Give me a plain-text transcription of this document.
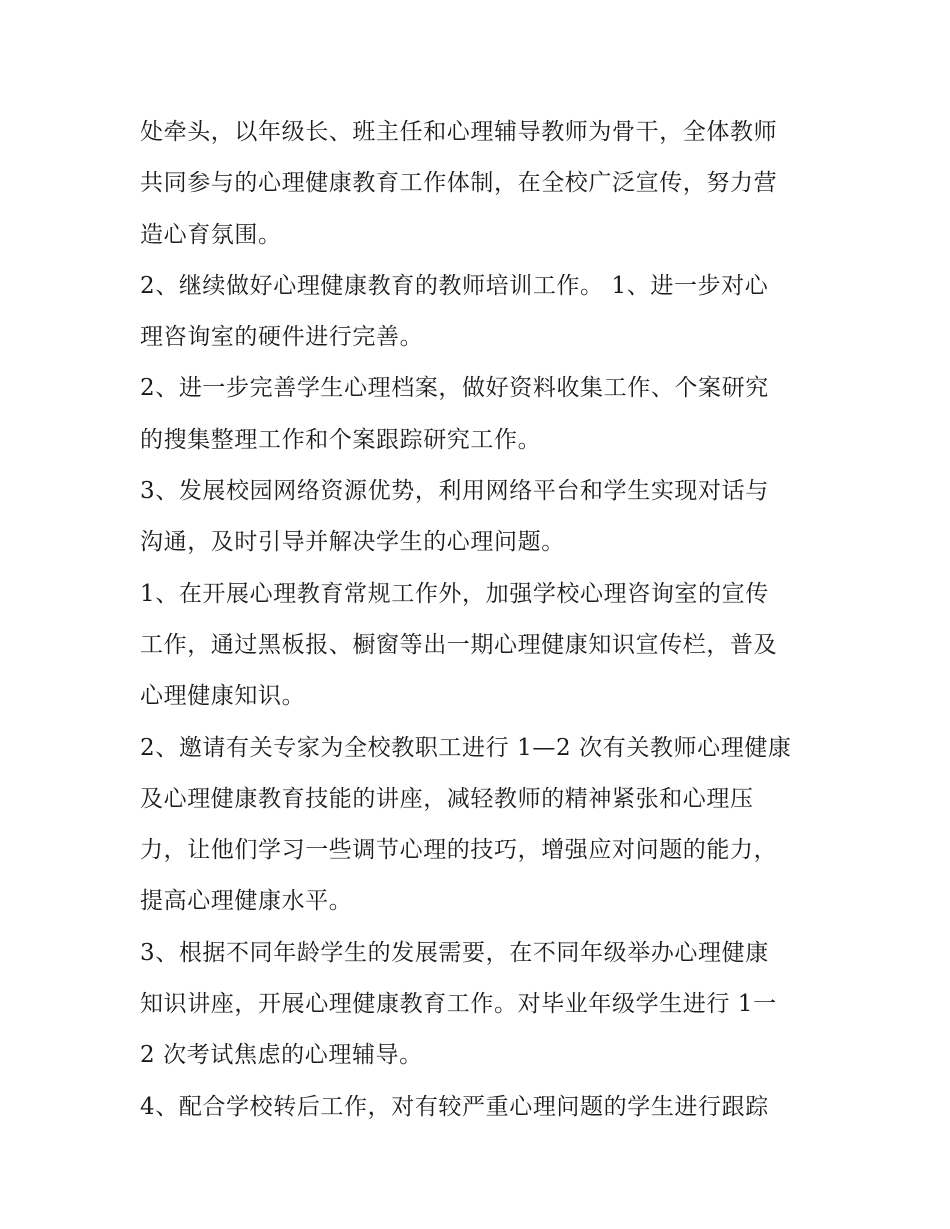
处牵头，以年级长、班主任和心理辅导教师为骨干，全体教师
共同参与的心理健康教育工作体制，在全校广泛宣传，努力营
造心育氛围。
2、继续做好心理健康教育的教师培训工作。 1、进一步对心
理咨询室的硬件进行完善。
2、进一步完善学生心理档案，做好资料收集工作、个案研究
的搜集整理工作和个案跟踪研究工作。
3、发展校园网络资源优势，利用网络平台和学生实现对话与
沟通，及时引导并解决学生的心理问题。
1、在开展心理教育常规工作外，加强学校心理咨询室的宣传
工作，通过黑板报、橱窗等出一期心理健康知识宣传栏，普及
心理健康知识。
2、邀请有关专家为全校教职工进行 1—2 次有关教师心理健康
及心理健康教育技能的讲座，减轻教师的精神紧张和心理压
力，让他们学习一些调节心理的技巧，增强应对问题的能力，
提高心理健康水平。
3、根据不同年龄学生的发展需要，在不同年级举办心理健康
知识讲座，开展心理健康教育工作。对毕业年级学生进行 1一
2 次考试焦虑的心理辅导。
4、配合学校转后工作，对有较严重心理问题的学生进行跟踪
